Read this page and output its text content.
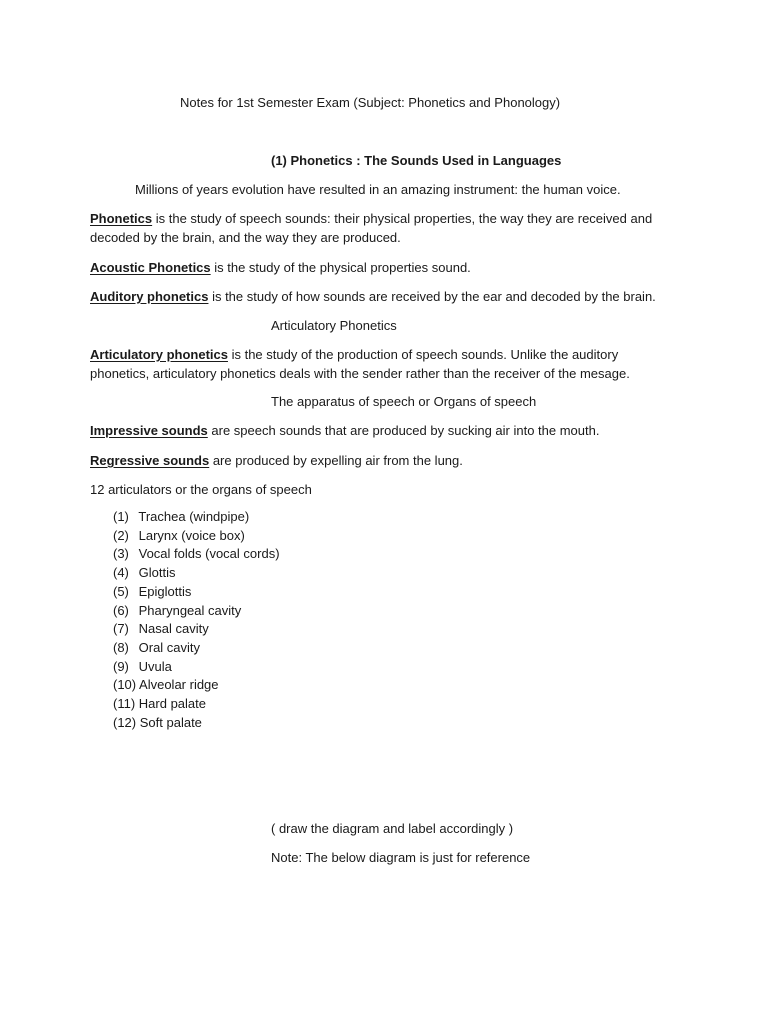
Notes for 1st Semester Exam (Subject: Phonetics and Phonology)
(1) Phonetics : The Sounds Used in Languages
Millions of years evolution have resulted in an amazing instrument: the human voice.
Phonetics is the study of speech sounds: their physical properties, the way they are received and decoded by the brain, and the way they are produced.
Acoustic Phonetics is the study of the physical properties sound.
Auditory phonetics is the study of how sounds are received by the ear and decoded by the brain.
Articulatory Phonetics
Articulatory phonetics is the study of the production of speech sounds. Unlike the auditory phonetics, articulatory phonetics deals with the sender rather than the receiver of the mesage.
The apparatus of speech or Organs of speech
Impressive sounds are speech sounds that are produced by sucking air into the mouth.
Regressive sounds are produced by expelling air from the lung.
12 articulators or the organs of speech
(1) Trachea (windpipe)
(2) Larynx (voice box)
(3) Vocal folds (vocal cords)
(4) Glottis
(5) Epiglottis
(6) Pharyngeal cavity
(7) Nasal cavity
(8) Oral cavity
(9) Uvula
(10) Alveolar ridge
(11) Hard palate
(12) Soft palate
( draw the diagram and label accordingly )
Note: The below diagram is just for reference
